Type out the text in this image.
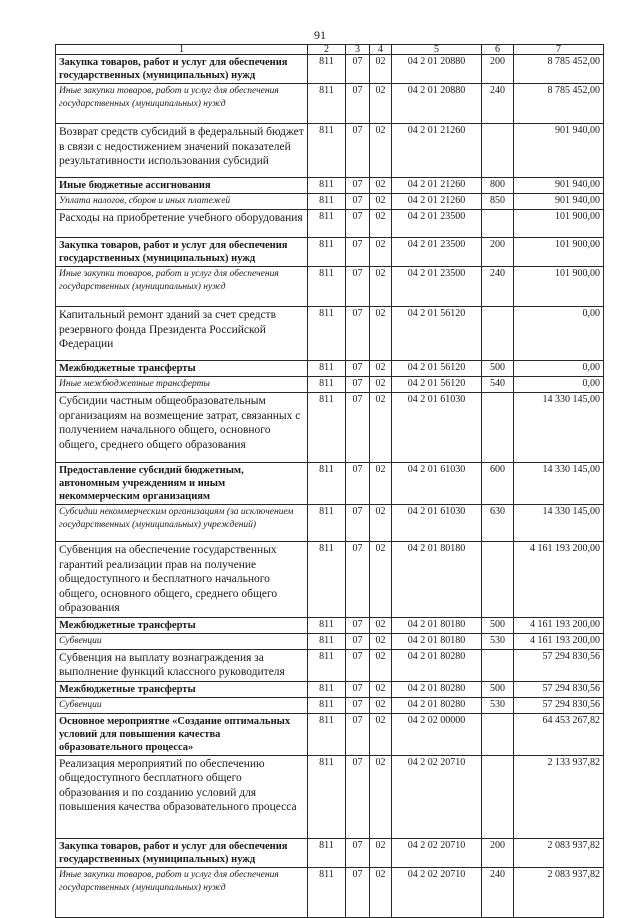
91
1	2	3	4	5	6	7
Закупка товаров, работ и услуг для обеспечения государственных (муниципальных) нужд	811	07	02	04 2 01 20880	200	8 785 452,00
Иные закупки товаров, работ и услуг для обеспечения государственных (муниципальных) нужд	811	07	02	04 2 01 20880	240	8 785 452,00
Возврат средств субсидий в федеральный бюджет в связи с недостижением значений показателей результативности использования субсидий	811	07	02	04 2 01 21260		901 940,00
Иные бюджетные ассигнования	811	07	02	04 2 01 21260	800	901 940,00
Уплата налогов, сборов и иных платежей	811	07	02	04 2 01 21260	850	901 940,00
Расходы на приобретение учебного оборудования	811	07	02	04 2 01 23500		101 900,00
Закупка товаров, работ и услуг для обеспечения государственных (муниципальных) нужд	811	07	02	04 2 01 23500	200	101 900,00
Иные закупки товаров, работ и услуг для обеспечения государственных (муниципальных) нужд	811	07	02	04 2 01 23500	240	101 900,00
Капитальный ремонт зданий за счет средств резервного фонда Президента Российской Федерации	811	07	02	04 2 01 56120		0,00
Межбюджетные трансферты	811	07	02	04 2 01 56120	500	0,00
Иные межбюджетные трансферты	811	07	02	04 2 01 56120	540	0,00
Субсидии частным общеобразовательным организациям на возмещение затрат, связанных с получением начального общего, основного общего, среднего общего образования	811	07	02	04 2 01 61030		14 330 145,00
Предоставление субсидий бюджетным, автономным учреждениям и иным некоммерческим организациям	811	07	02	04 2 01 61030	600	14 330 145,00
Субсидии некоммерческим организациям (за исключением государственных (муниципальных) учреждений)	811	07	02	04 2 01 61030	630	14 330 145,00
Субвенция на обеспечение государственных гарантий реализации прав на получение общедоступного и бесплатного начального общего, основного общего, среднего общего образования	811	07	02	04 2 01 80180		4 161 193 200,00
Межбюджетные трансферты	811	07	02	04 2 01 80180	500	4 161 193 200,00
Субвенции	811	07	02	04 2 01 80180	530	4 161 193 200,00
Субвенция на выплату вознаграждения за выполнение функций классного руководителя	811	07	02	04 2 01 80280		57 294 830,56
Межбюджетные трансферты	811	07	02	04 2 01 80280	500	57 294 830,56
Субвенции	811	07	02	04 2 01 80280	530	57 294 830,56
Основное мероприятие «Создание оптимальных условий для повышения качества образовательного процесса»	811	07	02	04 2 02 00000		64 453 267,82
Реализация мероприятий по обеспечению общедоступного бесплатного общего образования и по созданию условий для повышения качества образовательного процесса	811	07	02	04 2 02 20710		2 133 937,82
Закупка товаров, работ и услуг для обеспечения государственных (муниципальных) нужд	811	07	02	04 2 02 20710	200	2 083 937,82
Иные закупки товаров, работ и услуг для обеспечения государственных (муниципальных) нужд	811	07	02	04 2 02 20710	240	2 083 937,82
